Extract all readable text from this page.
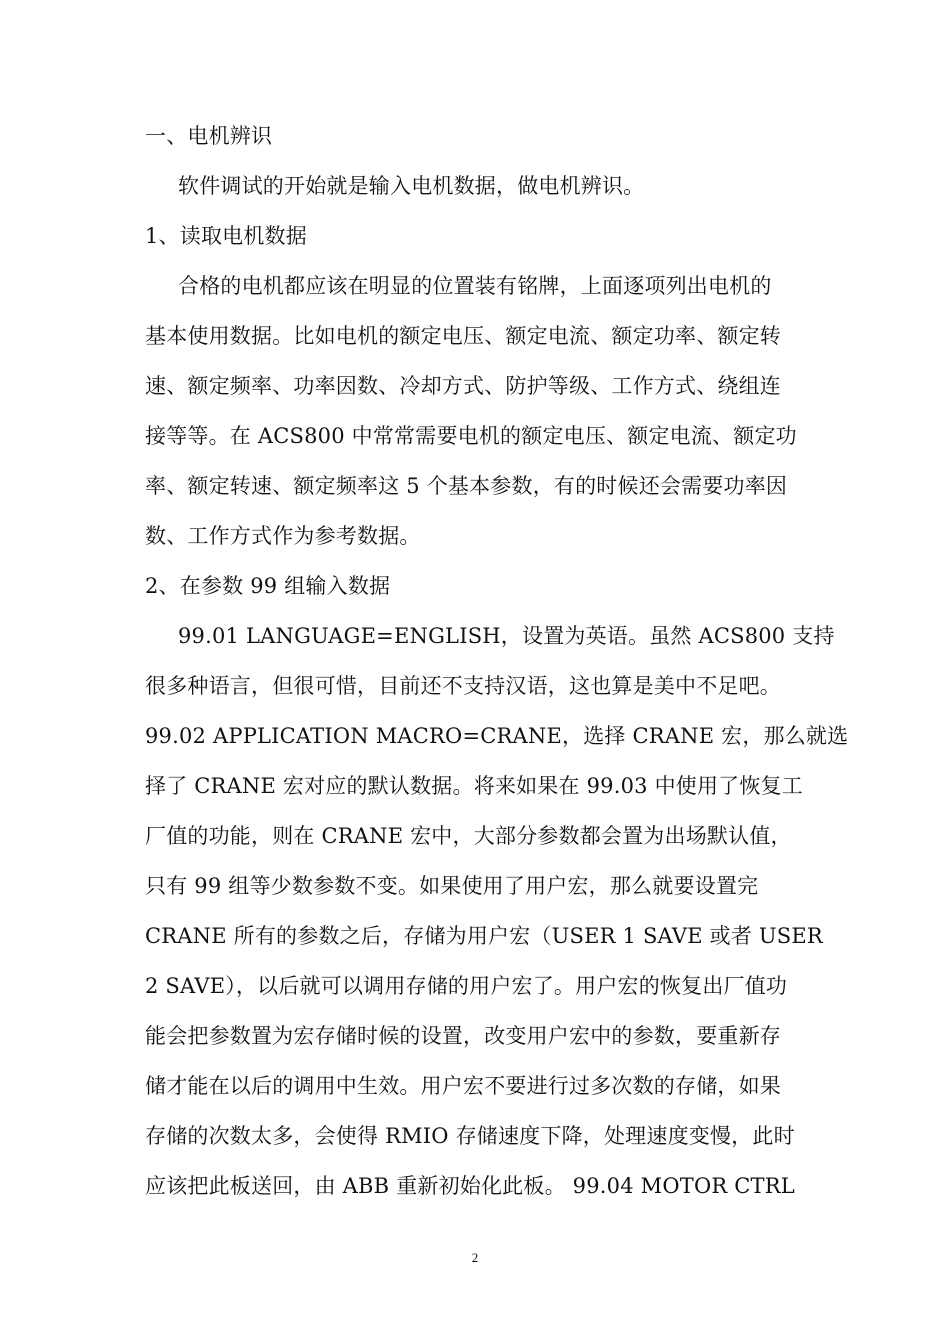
一、电机辨识
软件调试的开始就是输入电机数据，做电机辨识。
1、读取电机数据
合格的电机都应该在明显的位置装有铭牌，上面逐项列出电机的
基本使用数据。比如电机的额定电压、额定电流、额定功率、额定转
速、额定频率、功率因数、冷却方式、防护等级、工作方式、绕组连
接等等。在 ACS800 中常常需要电机的额定电压、额定电流、额定功
率、额定转速、额定频率这 5 个基本参数，有的时候还会需要功率因
数、工作方式作为参考数据。
2、在参数 99 组输入数据
99.01 LANGUAGE=ENGLISH，设置为英语。虽然 ACS800 支持
很多种语言，但很可惜，目前还不支持汉语，这也算是美中不足吧。
99.02 APPLICATION MACRO=CRANE，选择 CRANE 宏，那么就选
择了 CRANE 宏对应的默认数据。将来如果在 99.03 中使用了恢复工
厂值的功能，则在 CRANE 宏中，大部分参数都会置为出场默认值，
只有 99 组等少数参数不变。如果使用了用户宏，那么就要设置完
CRANE 所有的参数之后，存储为用户宏（USER 1 SAVE 或者 USER
2 SAVE），以后就可以调用存储的用户宏了。用户宏的恢复出厂值功
能会把参数置为宏存储时候的设置，改变用户宏中的参数，要重新存
储才能在以后的调用中生效。用户宏不要进行过多次数的存储，如果
存储的次数太多，会使得 RMIO 存储速度下降，处理速度变慢，此时
应该把此板送回，由 ABB 重新初始化此板。 99.04 MOTOR CTRL
2
